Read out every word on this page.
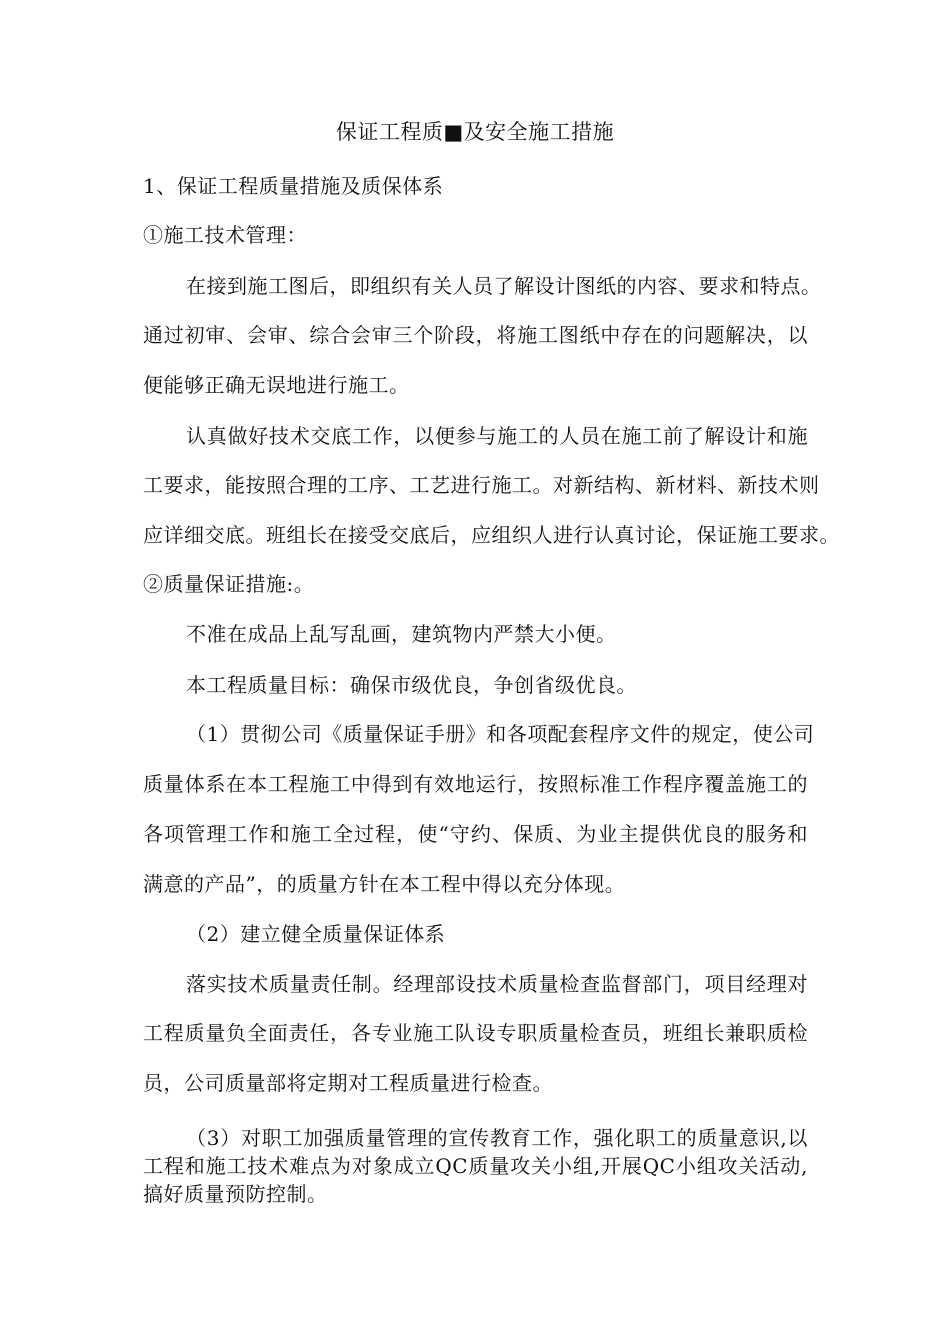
保证工程质■及安全施工措施
1、保证工程质量措施及质保体系
①施工技术管理：
在接到施工图后，即组织有关人员了解设计图纸的内容、要求和特点。
通过初审、会审、综合会审三个阶段，将施工图纸中存在的问题解决，以
便能够正确无误地进行施工。
认真做好技术交底工作，以便参与施工的人员在施工前了解设计和施
工要求，能按照合理的工序、工艺进行施工。对新结构、新材料、新技术则
应详细交底。班组长在接受交底后，应组织人进行认真讨论，保证施工要求。
②质量保证措施:。
不准在成品上乱写乱画，建筑物内严禁大小便。
本工程质量目标：确保市级优良，争创省级优良。
（1）贯彻公司《质量保证手册》和各项配套程序文件的规定，使公司
质量体系在本工程施工中得到有效地运行，按照标准工作程序覆盖施工的
各项管理工作和施工全过程，使“守约、保质、为业主提供优良的服务和
满意的产品”，的质量方针在本工程中得以充分体现。
（2）建立健全质量保证体系
落实技术质量责任制。经理部设技术质量检查监督部门，项目经理对
工程质量负全面责任，各专业施工队设专职质量检查员，班组长兼职质检
员，公司质量部将定期对工程质量进行检查。
（3）对职工加强质量管理的宣传教育工作，强化职工的质量意识,以
工程和施工技术难点为对象成立QC质量攻关小组,开展QC小组攻关活动,
搞好质量预防控制。
